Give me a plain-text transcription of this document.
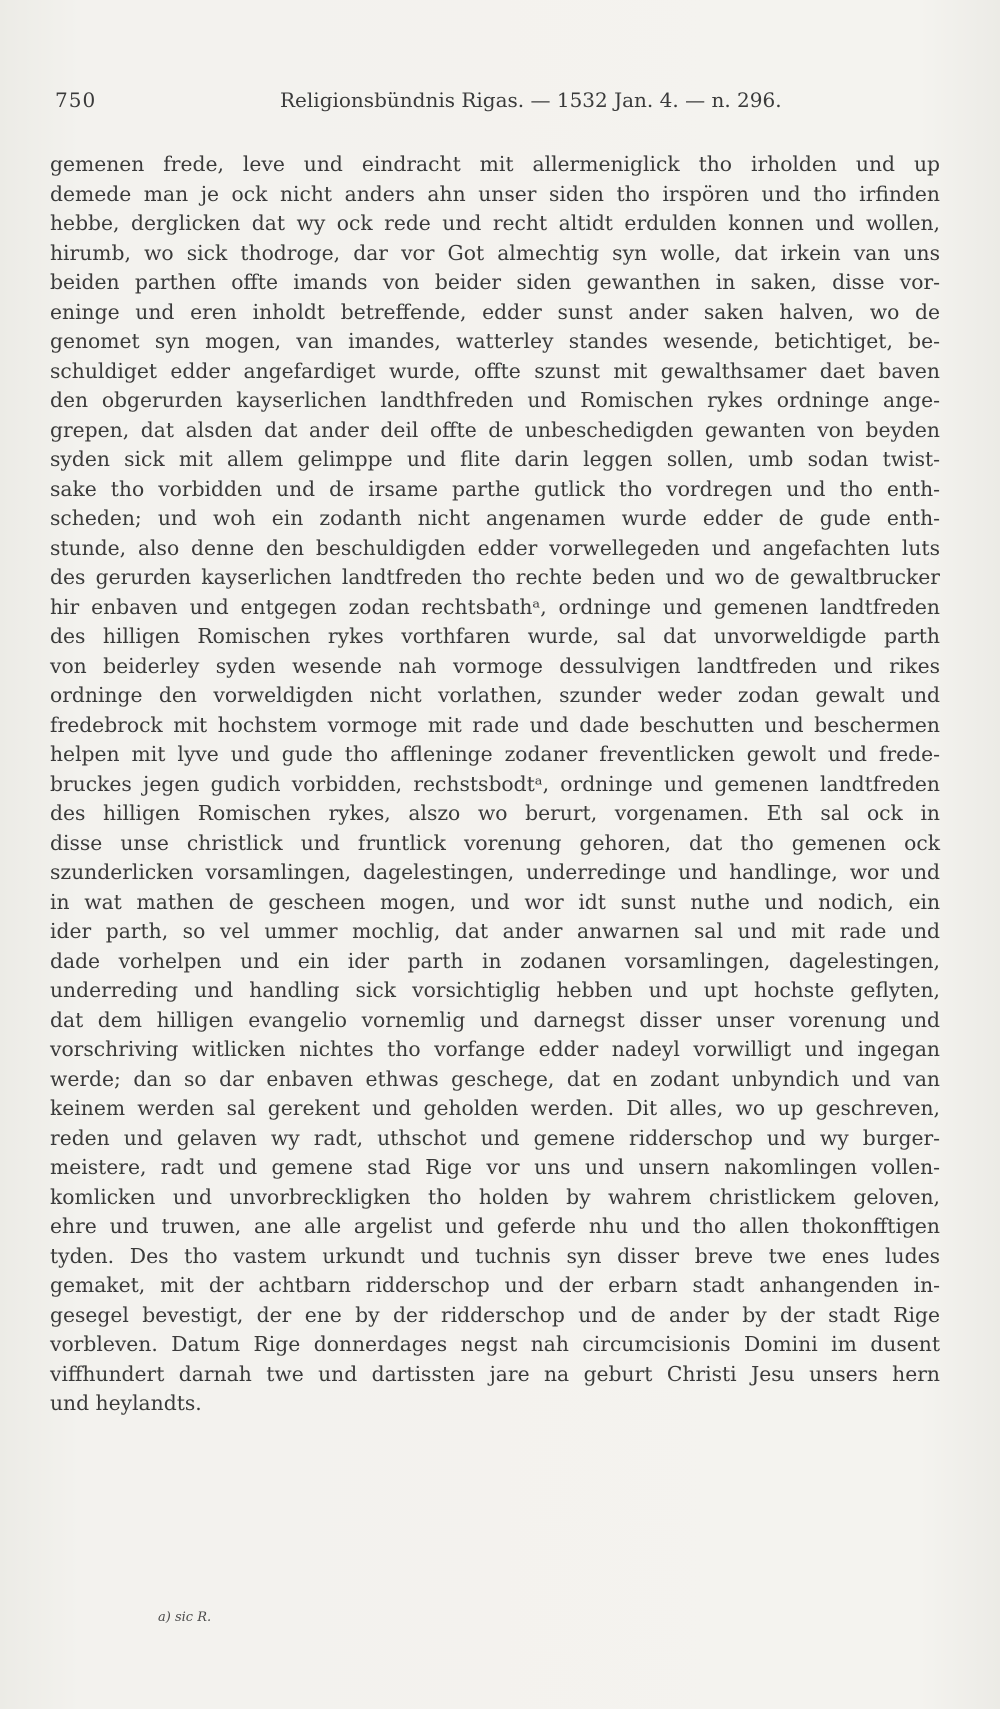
750	Religionsbündnis Rigas. — 1532 Jan. 4. — n. 296.
gemenen frede, leve und eindracht mit allermeniglick tho irholden und up
demede man je ock nicht anders ahn unser siden tho irspören und tho irfinden
hebbe, derglicken dat wy ock rede und recht altidt erdulden konnen und wollen,
hirumb, wo sick thodroge, dar vor Got almechtig syn wolle, dat irkein van uns
beiden parthen offte imands von beider siden gewanthen in saken, disse vor-
eninge und eren inholdt betreffende, edder sunst ander saken halven, wo de
genomet syn mogen, van imandes, watterley standes wesende, betichtiget, be-
schuldiget edder angefardiget wurde, offte szunst mit gewalthsamer daet baven
den obgerurden kayserlichen landthfreden und Romischen rykes ordninge ange-
grepen, dat alsden dat ander deil offte de unbeschedigden gewanten von beyden
syden sick mit allem gelimppe und flite darin leggen sollen, umb sodan twist-
sake tho vorbidden und de irsame parthe gutlick tho vordregen und tho enth-
scheden; und woh ein zodanth nicht angenamen wurde edder de gude enth-
stunde, also denne den beschuldigden edder vorwellegeden und angefachten luts
des gerurden kayserlichen landtfreden tho rechte beden und wo de gewaltbrucker
hir enbaven und entgegen zodan rechtsbathᵃ, ordninge und gemenen landtfreden
des hilligen Romischen rykes vorthfaren wurde, sal dat unvorweldigde parth
von beiderley syden wesende nah vormoge dessulvigen landtfreden und rikes
ordninge den vorweldigden nicht vorlathen, szunder weder zodan gewalt und
fredebrock mit hochstem vormoge mit rade und dade beschutten und beschermen
helpen mit lyve und gude tho affleninge zodaner freventlicken gewolt und frede-
bruckes jegen gudich vorbidden, rechstsbodtᵃ, ordninge und gemenen landtfreden
des hilligen Romischen rykes, alszo wo berurt, vorgenamen. Eth sal ock in
disse unse christlick und fruntlick vorenung gehoren, dat tho gemenen ock
szunderlicken vorsamlingen, dagelestingen, underredinge und handlinge, wor und
in wat mathen de gescheen mogen, und wor idt sunst nuthe und nodich, ein
ider parth, so vel ummer mochlig, dat ander anwarnen sal und mit rade und
dade vorhelpen und ein ider parth in zodanen vorsamlingen, dagelestingen,
underreding und handling sick vorsichtiglig hebben und upt hochste geflyten,
dat dem hilligen evangelio vornemlig und darnegst disser unser vorenung und
vorschriving witlicken nichtes tho vorfange edder nadeyl vorwilligt und ingegan
werde; dan so dar enbaven ethwas geschege, dat en zodant unbyndich und van
keinem werden sal gerekent und geholden werden. Dit alles, wo up geschreven,
reden und gelaven wy radt, uthschot und gemene ridderschop und wy burger-
meistere, radt und gemene stad Rige vor uns und unsern nakomlingen vollen-
komlicken und unvorbreckligken tho holden by wahrem christlickem geloven,
ehre und truwen, ane alle argelist und geferde nhu und tho allen thokonfftigen
tyden. Des tho vastem urkundt und tuchnis syn disser breve twe enes ludes
gemaket, mit der achtbarn ridderschop und der erbarn stadt anhangenden in-
gesegel bevestigt, der ene by der ridderschop und de ander by der stadt Rige
vorbleven. Datum Rige donnerdages negst nah circumcisionis Domini im dusent
viffhundert darnah twe und dartissten jare na geburt Christi Jesu unsers hern
und heylandts.
a) sic R.
